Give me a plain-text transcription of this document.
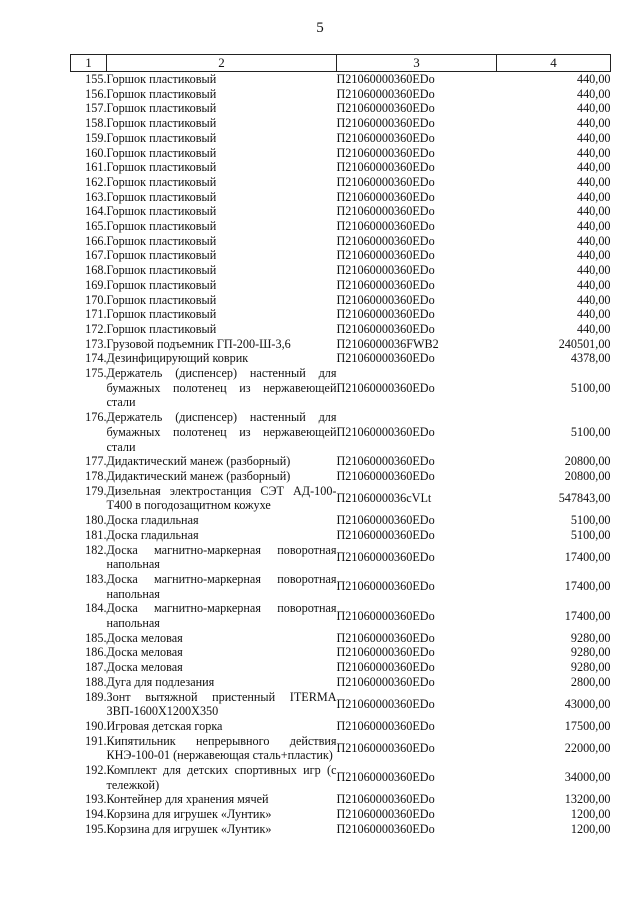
5
1	2	3	4
155.	Горшок пластиковый	П21060000360EDo	440,00
156.	Горшок пластиковый	П21060000360EDo	440,00
157.	Горшок пластиковый	П21060000360EDo	440,00
158.	Горшок пластиковый	П21060000360EDo	440,00
159.	Горшок пластиковый	П21060000360EDo	440,00
160.	Горшок пластиковый	П21060000360EDo	440,00
161.	Горшок пластиковый	П21060000360EDo	440,00
162.	Горшок пластиковый	П21060000360EDo	440,00
163.	Горшок пластиковый	П21060000360EDo	440,00
164.	Горшок пластиковый	П21060000360EDo	440,00
165.	Горшок пластиковый	П21060000360EDo	440,00
166.	Горшок пластиковый	П21060000360EDo	440,00
167.	Горшок пластиковый	П21060000360EDo	440,00
168.	Горшок пластиковый	П21060000360EDo	440,00
169.	Горшок пластиковый	П21060000360EDo	440,00
170.	Горшок пластиковый	П21060000360EDo	440,00
171.	Горшок пластиковый	П21060000360EDo	440,00
172.	Горшок пластиковый	П21060000360EDo	440,00
173.	Грузовой подъемник ГП-200-Ш-3,6	П2106000036FWB2	240501,00
174.	Дезинфицирующий коврик	П21060000360EDo	4378,00
175.	Держатель (диспенсер) настенный для бумажных полотенец из нержавеющей стали	П21060000360EDo	5100,00
176.	Держатель (диспенсер) настенный для бумажных полотенец из нержавеющей стали	П21060000360EDo	5100,00
177.	Дидактический манеж (разборный)	П21060000360EDo	20800,00
178.	Дидактический манеж (разборный)	П21060000360EDo	20800,00
179.	Дизельная электростанция СЭТ АД-100-Т400 в погодозащитном кожухе	П2106000036cVLt	547843,00
180.	Доска гладильная	П21060000360EDo	5100,00
181.	Доска гладильная	П21060000360EDo	5100,00
182.	Доска магнитно-маркерная поворотная напольная	П21060000360EDo	17400,00
183.	Доска магнитно-маркерная поворотная напольная	П21060000360EDo	17400,00
184.	Доска магнитно-маркерная поворотная напольная	П21060000360EDo	17400,00
185.	Доска меловая	П21060000360EDo	9280,00
186.	Доска меловая	П21060000360EDo	9280,00
187.	Доска меловая	П21060000360EDo	9280,00
188.	Дуга для подлезания	П21060000360EDo	2800,00
189.	Зонт вытяжной пристенный ITERMA ЗВП-1600X1200X350	П21060000360EDo	43000,00
190.	Игровая детская горка	П21060000360EDo	17500,00
191.	Кипятильник непрерывного действия КНЭ-100-01 (нержавеющая сталь+пластик)	П21060000360EDo	22000,00
192.	Комплект для детских спортивных игр (с тележкой)	П21060000360EDo	34000,00
193.	Контейнер для хранения мячей	П21060000360EDo	13200,00
194.	Корзина для игрушек «Лунтик»	П21060000360EDo	1200,00
195.	Корзина для игрушек «Лунтик»	П21060000360EDo	1200,00
